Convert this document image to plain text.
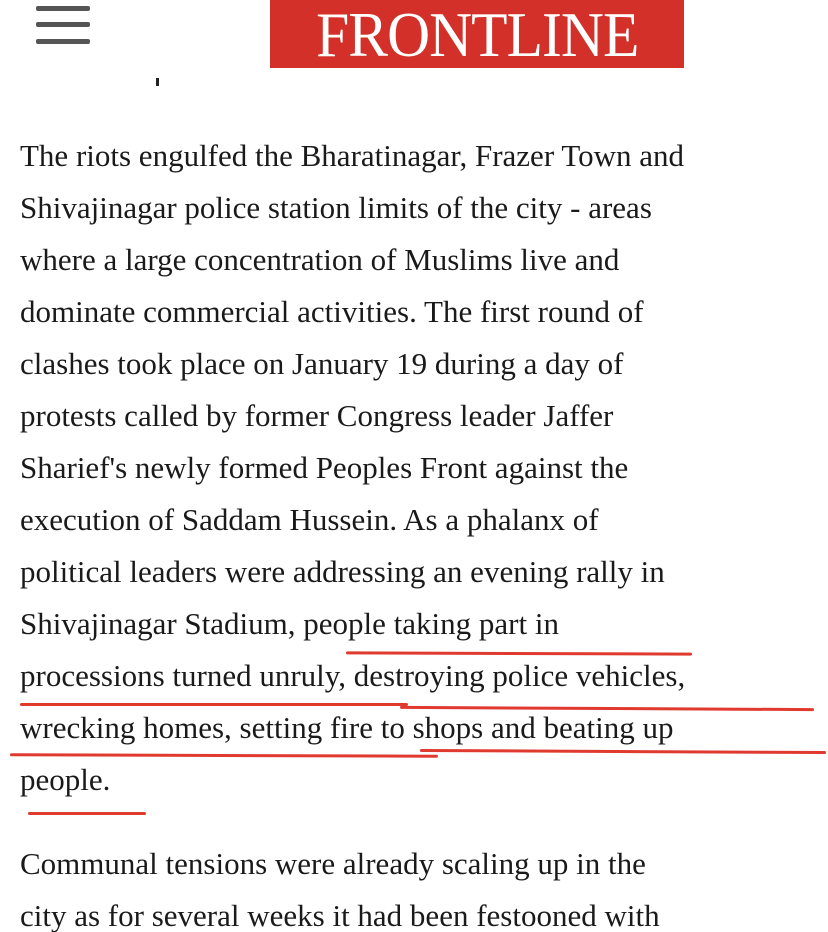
FRONTLINE

The riots engulfed the Bharatinagar, Frazer Town and
Shivajinagar police station limits of the city - areas
where a large concentration of Muslims live and
dominate commercial activities. The first round of
clashes took place on January 19 during a day of
protests called by former Congress leader Jaffer
Sharief's newly formed Peoples Front against the
execution of Saddam Hussein. As a phalanx of
political leaders were addressing an evening rally in
Shivajinagar Stadium, people taking part in
processions turned unruly, destroying police vehicles,
wrecking homes, setting fire to shops and beating up
people.

Communal tensions were already scaling up in the
city as for several weeks it had been festooned with
